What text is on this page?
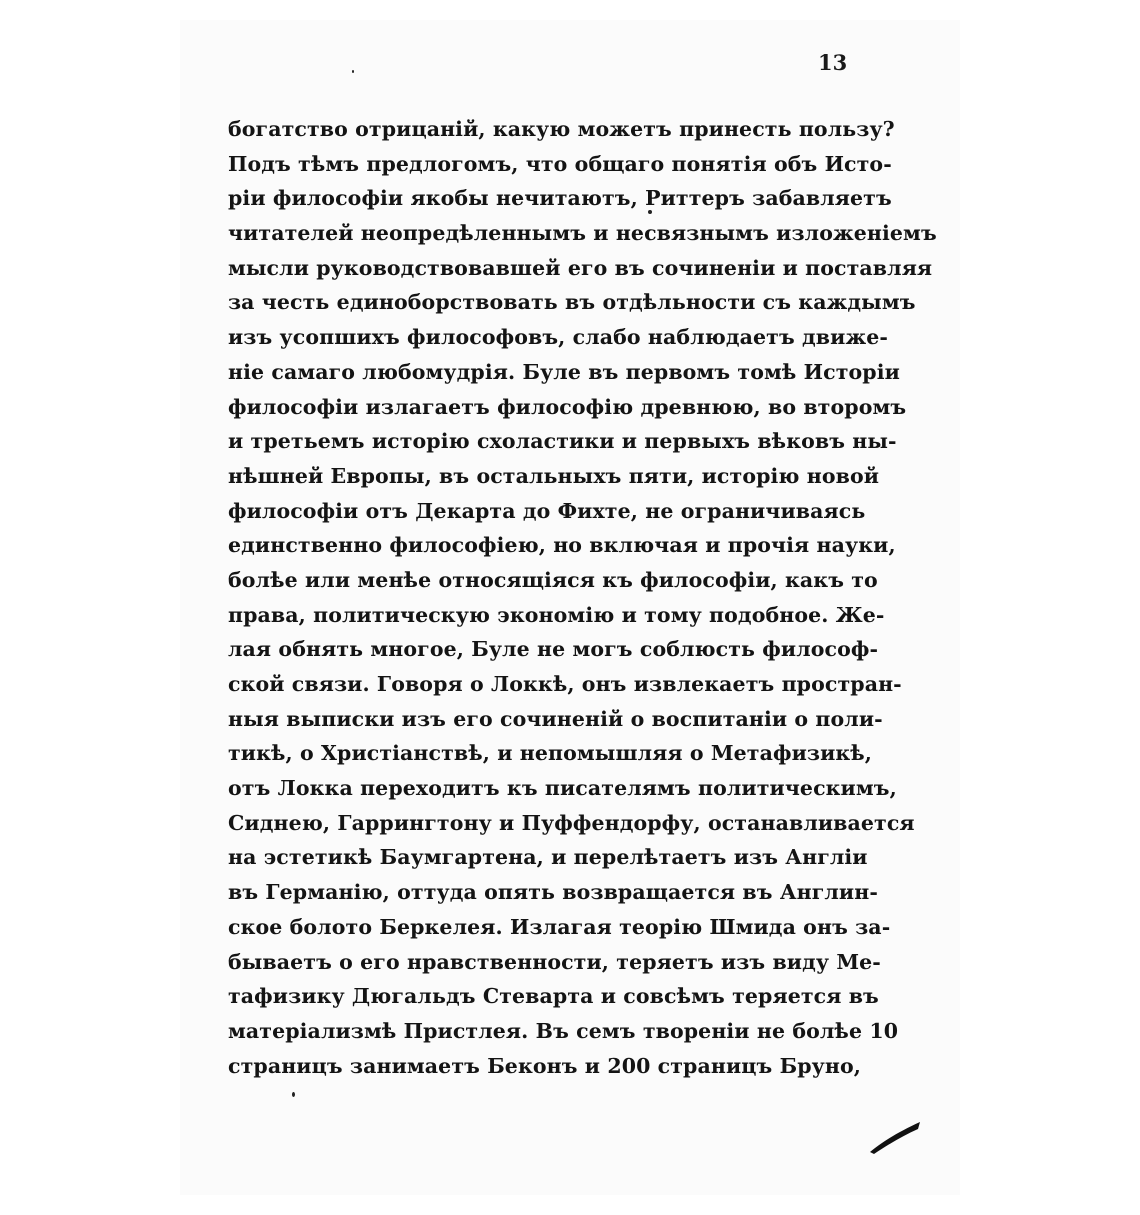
13
богатство отрицаній, какую можетъ принесть пользу?
Подъ тѣмъ предлогомъ, что общаго понятія объ Исто-
ріи философіи якобы нечитаютъ, Риттеръ забавляетъ
читателей неопредѣленнымъ и несвязнымъ изложеніемъ
мысли руководствовавшей его въ сочиненіи и поставляя
за честь единоборствовать въ отдѣльности съ каждымъ
изъ усопшихъ философовъ, слабо наблюдаетъ движе-
ніе самаго любомудрія. Буле въ первомъ томѣ Исторіи
философіи излагаетъ философію древнюю, во второмъ
и третьемъ исторію схоластики и первыхъ вѣковъ ны-
нѣшней Европы, въ остальныхъ пяти, исторію новой
философіи отъ Декарта до Фихте, не ограничиваясь
единственно философіею, но включая и прочія науки,
болѣе или менѣе относящіяся къ философіи, какъ то
права, политическую экономію и тому подобное. Же-
лая обнять многое, Буле не могъ соблюсть философ-
ской связи. Говоря о Локкѣ, онъ извлекаетъ простран-
ныя выписки изъ его сочиненій о воспитаніи о поли-
тикѣ, о Христіанствѣ, и непомышляя о Метафизикѣ,
отъ Локка переходитъ къ писателямъ политическимъ,
Сиднею, Гаррингтону и Пуффендорфу, останавливается
на эстетикѣ Баумгартена, и перелѣтаетъ изъ Англіи
въ Германію, оттуда опять возвращается въ Англин-
ское болото Беркелея. Излагая теорію Шмида онъ за-
бываетъ о его нравственности, теряетъ изъ виду Ме-
тафизику Дюгальдъ Стеварта и совсѣмъ теряется въ
матеріализмѣ Пристлея. Въ семъ твореніи не болѣе 10
страницъ занимаетъ Беконъ и 200 страницъ Бруно,
